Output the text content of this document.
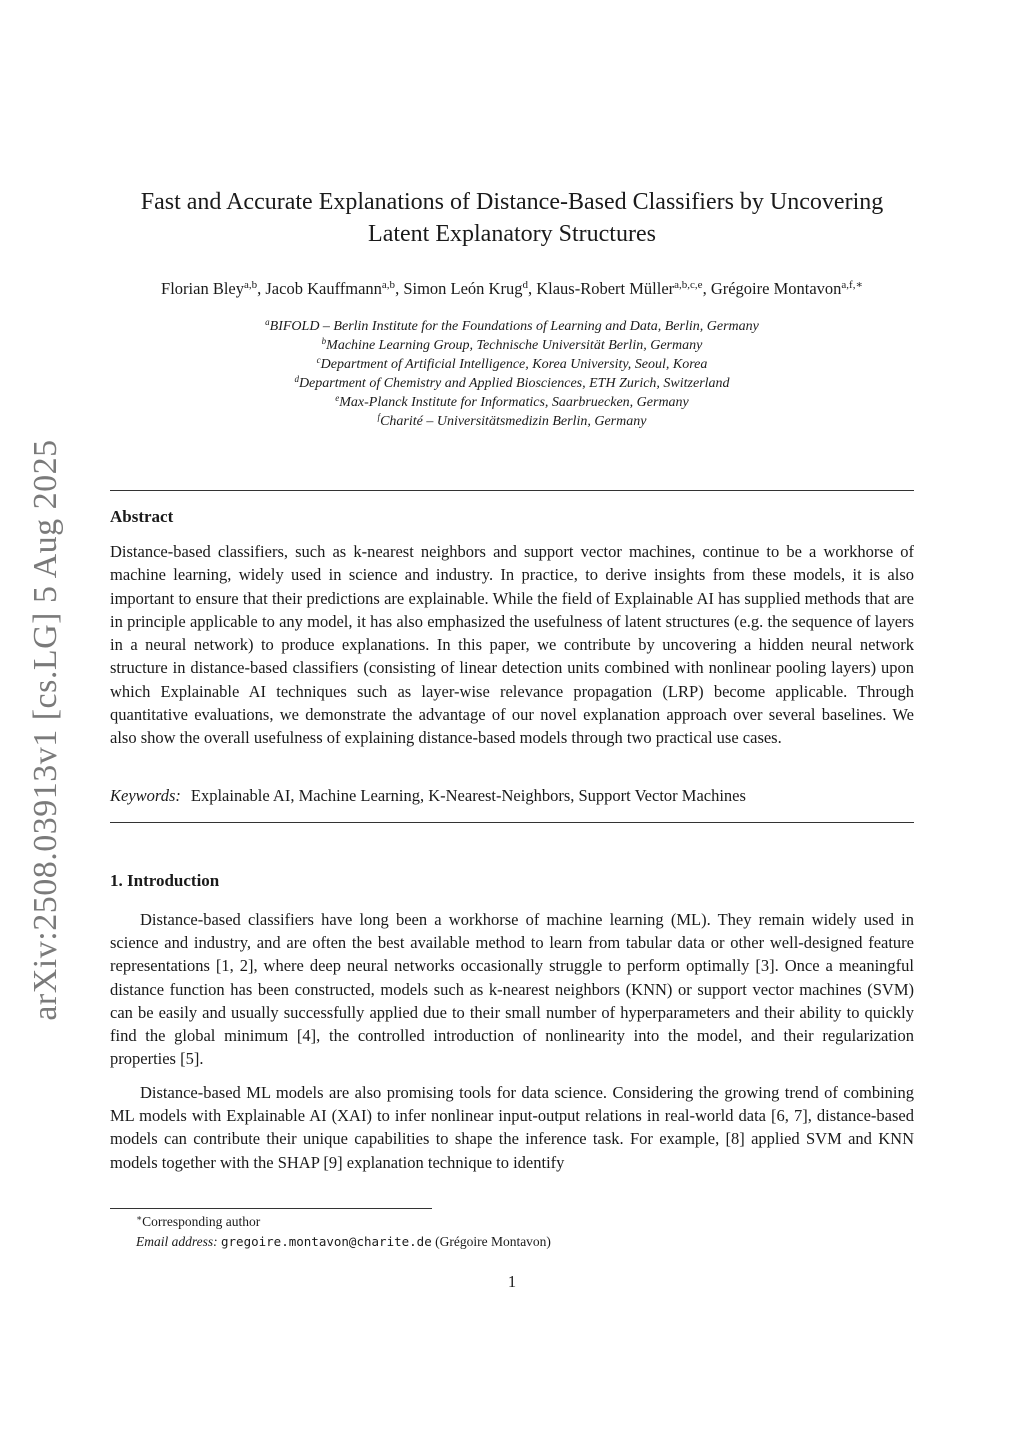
arXiv:2508.03913v1 [cs.LG] 5 Aug 2025
Fast and Accurate Explanations of Distance-Based Classifiers by Uncovering Latent Explanatory Structures
Florian Bley$^{a,b}$, Jacob Kauffmann$^{a,b}$, Simon León Krug$^d$, Klaus-Robert Müller$^{a,b,c,e}$, Grégoire Montavon$^{a,f,∗}$
$^a$BIFOLD – Berlin Institute for the Foundations of Learning and Data, Berlin, Germany
$^b$Machine Learning Group, Technische Universität Berlin, Germany
$^c$Department of Artificial Intelligence, Korea University, Seoul, Korea
$^d$Department of Chemistry and Applied Biosciences, ETH Zurich, Switzerland
$^e$Max-Planck Institute for Informatics, Saarbruecken, Germany
$^f$Charité – Universitätsmedizin Berlin, Germany
Abstract

Distance-based classifiers, such as k-nearest neighbors and support vector machines, continue to be a workhorse of machine learning, widely used in science and industry. In practice, to derive insights from these models, it is also important to ensure that their predictions are explainable. While the field of Explainable AI has supplied methods that are in principle applicable to any model, it has also emphasized the usefulness of latent structures (e.g. the sequence of layers in a neural network) to produce explanations. In this paper, we contribute by uncovering a hidden neural network structure in distance-based classifiers (consisting of linear detection units combined with nonlinear pooling layers) upon which Explainable AI techniques such as layer-wise relevance propagation (LRP) become applicable. Through quantitative evaluations, we demonstrate the advantage of our novel explanation approach over several baselines. We also show the overall usefulness of explaining distance-based models through two practical use cases.

Keywords: Explainable AI, Machine Learning, K-Nearest-Neighbors, Support Vector Machines
1. Introduction

Distance-based classifiers have long been a workhorse of machine learning (ML). They remain widely used in science and industry, and are often the best available method to learn from tabular data or other well-designed feature representations [1, 2], where deep neural networks occasionally struggle to perform optimally [3]. Once a meaningful distance function has been constructed, models such as k-nearest neighbors (KNN) or support vector machines (SVM) can be easily and usually successfully applied due to their small number of hyperparameters and their ability to quickly find the global minimum [4], the controlled introduction of nonlinearity into the model, and their regularization properties [5].

Distance-based ML models are also promising tools for data science. Considering the growing trend of combining ML models with Explainable AI (XAI) to infer nonlinear input-output relations in real-world data [6, 7], distance-based models can contribute their unique capabilities to shape the inference task. For example, [8] applied SVM and KNN models together with the SHAP [9] explanation technique to identify

∗Corresponding author
Email address: gregoire.montavon@charite.de (Grégoire Montavon)
1
